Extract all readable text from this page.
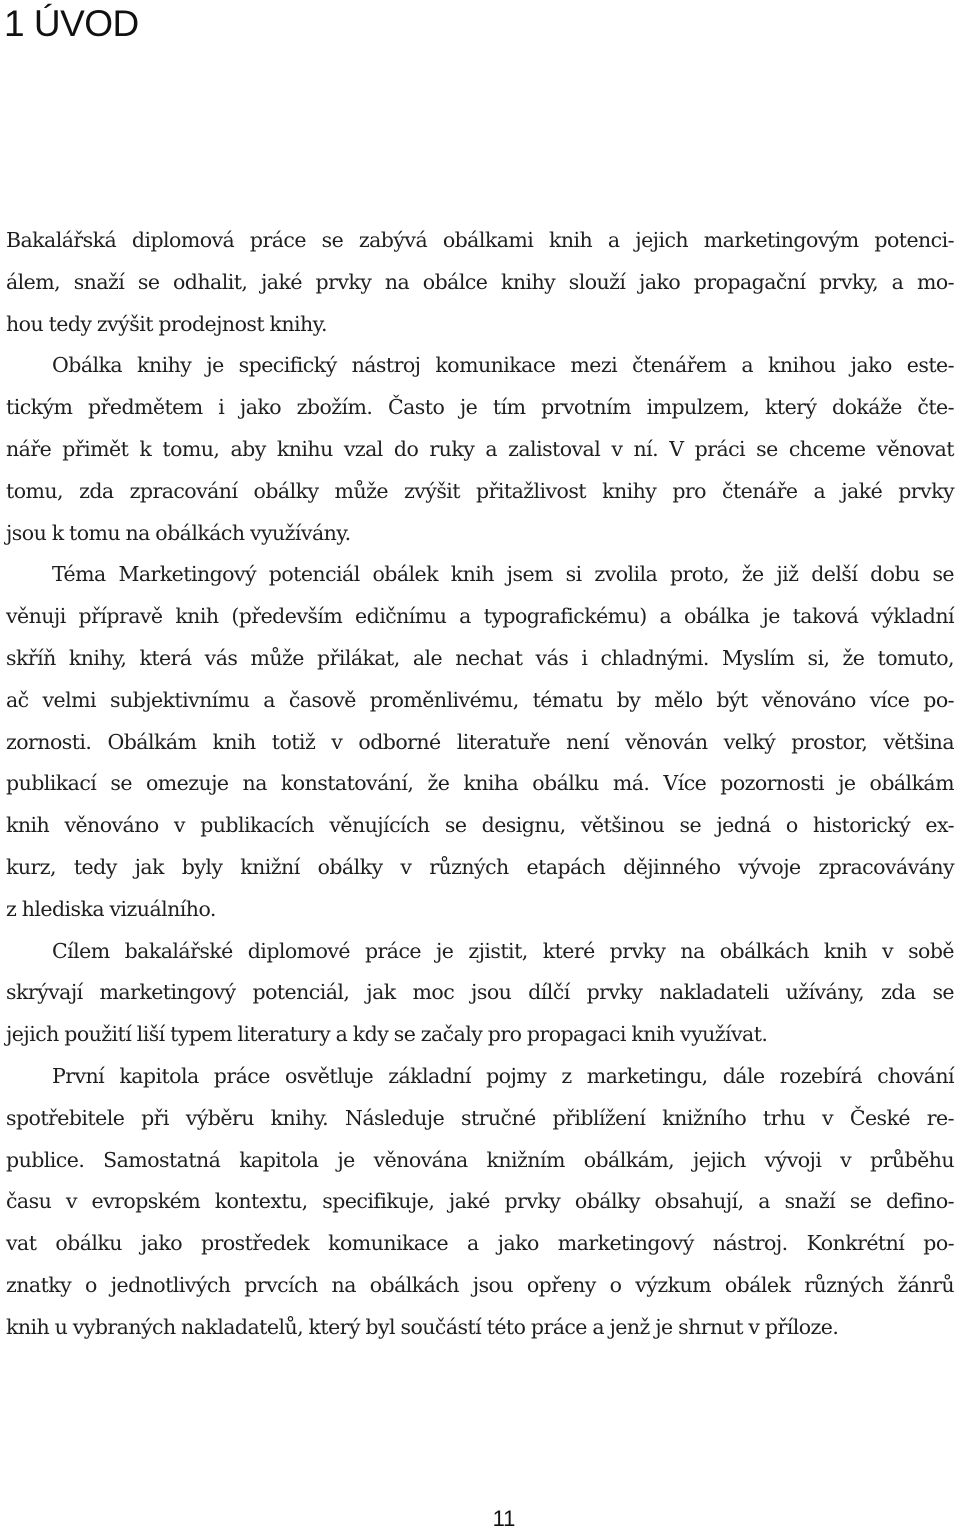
1 ÚVOD

Bakalářská diplomová práce se zabývá obálkami knih a jejich marketingovým potenci-
álem, snaží se odhalit, jaké prvky na obálce knihy slouží jako propagační prvky, a mo-
hou tedy zvýšit prodejnost knihy.

Obálka knihy je specifický nástroj komunikace mezi čtenářem a knihou jako este-
tickým předmětem i jako zbožím. Často je tím prvotním impulzem, který dokáže čte-
náře přimět k tomu, aby knihu vzal do ruky a zalistoval v ní. V práci se chceme věnovat
tomu, zda zpracování obálky může zvýšit přitažlivost knihy pro čtenáře a jaké prvky
jsou k tomu na obálkách využívány.

Téma Marketingový potenciál obálek knih jsem si zvolila proto, že již delší dobu se
věnuji přípravě knih (především edičnímu a typografickému) a obálka je taková výkladní
skříň knihy, která vás může přilákat, ale nechat vás i chladnými. Myslím si, že tomuto,
ač velmi subjektivnímu a časově proměnlivému, tématu by mělo být věnováno více po-
zornosti. Obálkám knih totiž v odborné literatuře není věnován velký prostor, většina
publikací se omezuje na konstatování, že kniha obálku má. Více pozornosti je obálkám
knih věnováno v publikacích věnujících se designu, většinou se jedná o historický ex-
kurz, tedy jak byly knižní obálky v různých etapách dějinného vývoje zpracovávány
z hlediska vizuálního.

Cílem bakalářské diplomové práce je zjistit, které prvky na obálkách knih v sobě
skrývají marketingový potenciál, jak moc jsou dílčí prvky nakladateli užívány, zda se
jejich použití liší typem literatury a kdy se začaly pro propagaci knih využívat.

První kapitola práce osvětluje základní pojmy z marketingu, dále rozebírá chování
spotřebitele při výběru knihy. Následuje stručné přiblížení knižního trhu v České re-
publice. Samostatná kapitola je věnována knižním obálkám, jejich vývoji v průběhu
času v evropském kontextu, specifikuje, jaké prvky obálky obsahují, a snaží se defino-
vat obálku jako prostředek komunikace a jako marketingový nástroj. Konkrétní po-
znatky o jednotlivých prvcích na obálkách jsou opřeny o výzkum obálek různých žánrů
knih u vybraných nakladatelů, který byl součástí této práce a jenž je shrnut v příloze.

11
